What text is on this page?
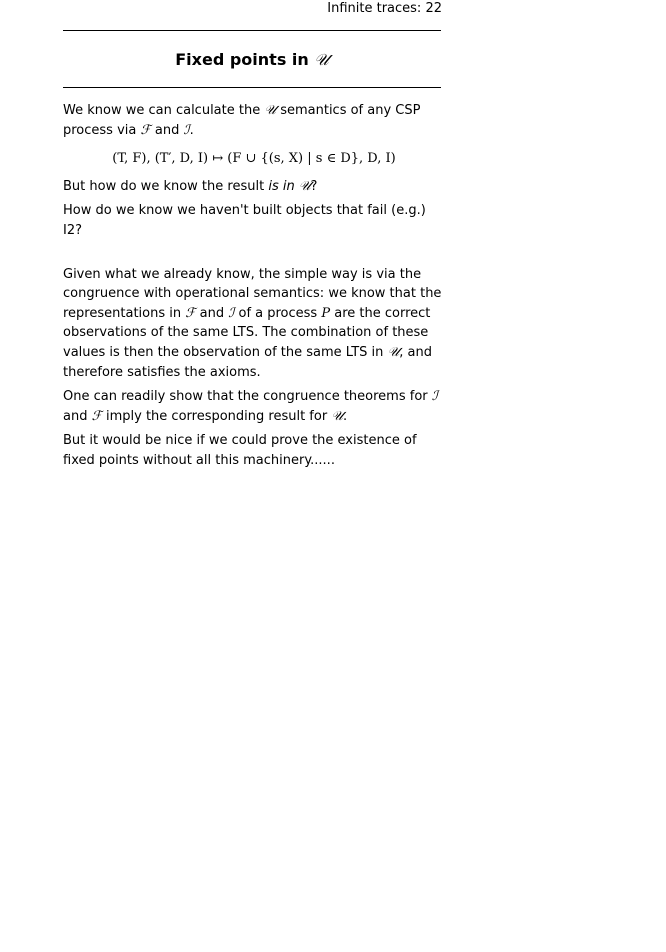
Infinite traces: 22
Fixed points in 𝒰

We know we can calculate the 𝒰 semantics of any CSP process via ℱ and ℐ.

(T, F), (T′, D, I) ↦ (F ∪ {(s, X) | s ∈ D}, D, I)

But how do we know the result is in 𝒰?

How do we know we haven't built objects that fail (e.g.) I2?

Given what we already know, the simple way is via the congruence with operational semantics: we know that the representations in ℱ and ℐ of a process P are the correct observations of the same LTS. The combination of these values is then the observation of the same LTS in 𝒰, and therefore satisfies the axioms.

One can readily show that the congruence theorems for ℐ and ℱ imply the corresponding result for 𝒰.

But it would be nice if we could prove the existence of fixed points without all this machinery......
